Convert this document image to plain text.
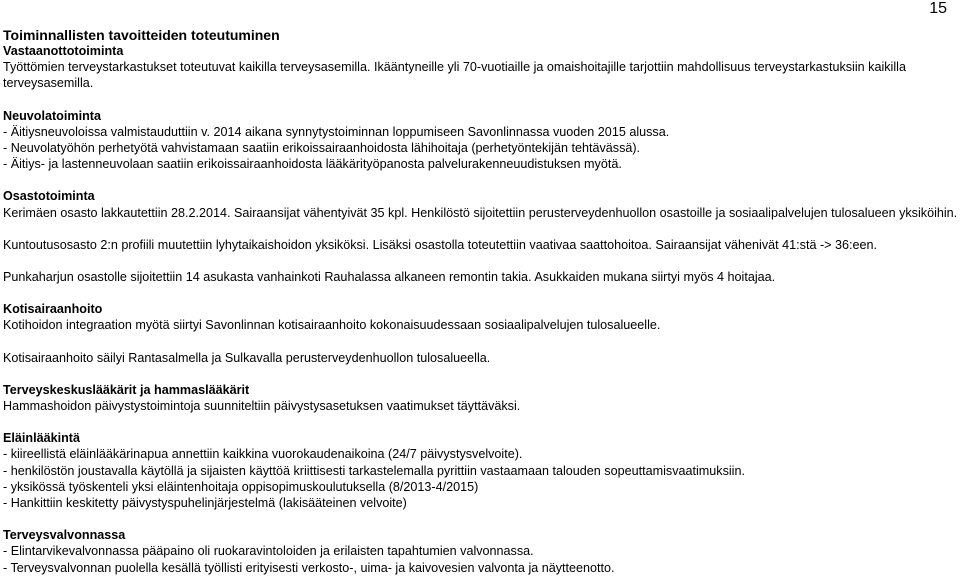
15
Toiminnallisten tavoitteiden toteutuminen

Vastaanottotoiminta

Työttömien terveystarkastukset toteutuvat kaikilla terveysasemilla. Ikääntyneille yli 70-vuotiaille ja omaishoitajille tarjottiin mahdollisuus terveystarkastuksiin kaikilla terveysasemilla.

Neuvolatoiminta

- Äitiysneuvoloissa valmistauduttiin v. 2014 aikana synnytystoiminnan loppumiseen Savonlinnassa vuoden 2015 alussa.

- Neuvolatyöhön perhetyötä vahvistamaan saatiin erikoissairaanhoidosta lähihoitaja (perhetyöntekijän tehtävässä).

- Äitiys- ja lastenneuvolaan saatiin erikoissairaanhoidosta lääkärityöpanosta palvelurakenneuudistuksen myötä.

Osastotoiminta

Kerimäen osasto lakkautettiin 28.2.2014. Sairaansijat vähentyivät 35 kpl. Henkilöstö sijoitettiin perusterveydenhuollon osastoille ja sosiaalipalvelujen tulosalueen yksiköihin.

Kuntoutusosasto 2:n profiili muutettiin lyhytaikaishoidon yksiköksi. Lisäksi osastolla toteutettiin vaativaa saattohoitoa. Sairaansijat vähenivät 41:stä -> 36:een.

Punkaharjun osastolle sijoitettiin 14 asukasta vanhainkoti Rauhalassa alkaneen remontin takia. Asukkaiden mukana siirtyi myös 4 hoitajaa.

Kotisairaanhoito

Kotihoidon integraation myötä siirtyi Savonlinnan kotisairaanhoito kokonaisuudessaan sosiaalipalvelujen tulosalueelle.

Kotisairaanhoito säilyi Rantasalmella ja Sulkavalla perusterveydenhuollon tulosalueella.

Terveyskeskuslääkärit ja hammaslääkärit

Hammashoidon päivystystoimintoja suunniteltiin päivystysasetuksen vaatimukset täyttäväksi.

Eläinlääkintä

- kiireellistä eläinlääkärinapua annettiin kaikkina vuorokaudenaikoina (24/7 päivystysvelvoite).

- henkilöstön joustavalla käytöllä ja sijaisten käyttöä kriittisesti tarkastelemalla pyrittiin vastaamaan talouden sopeuttamisvaatimuksiin.

- yksikössä työskenteli yksi eläintenhoitaja oppisopimuskoulutuksella (8/2013-4/2015)

- Hankittiin keskitetty päivystyspuhelinjärjestelmä (lakisääteinen velvoite)

Terveysvalvonnassa

- Elintarvikevalvonnassa pääpaino oli ruokaravintoloiden ja erilaisten tapahtumien valvonnassa.

- Terveysvalvonnan puolella kesällä työllisti erityisesti verkosto-, uima- ja kaivovesien valvonta ja näytteenotto.
